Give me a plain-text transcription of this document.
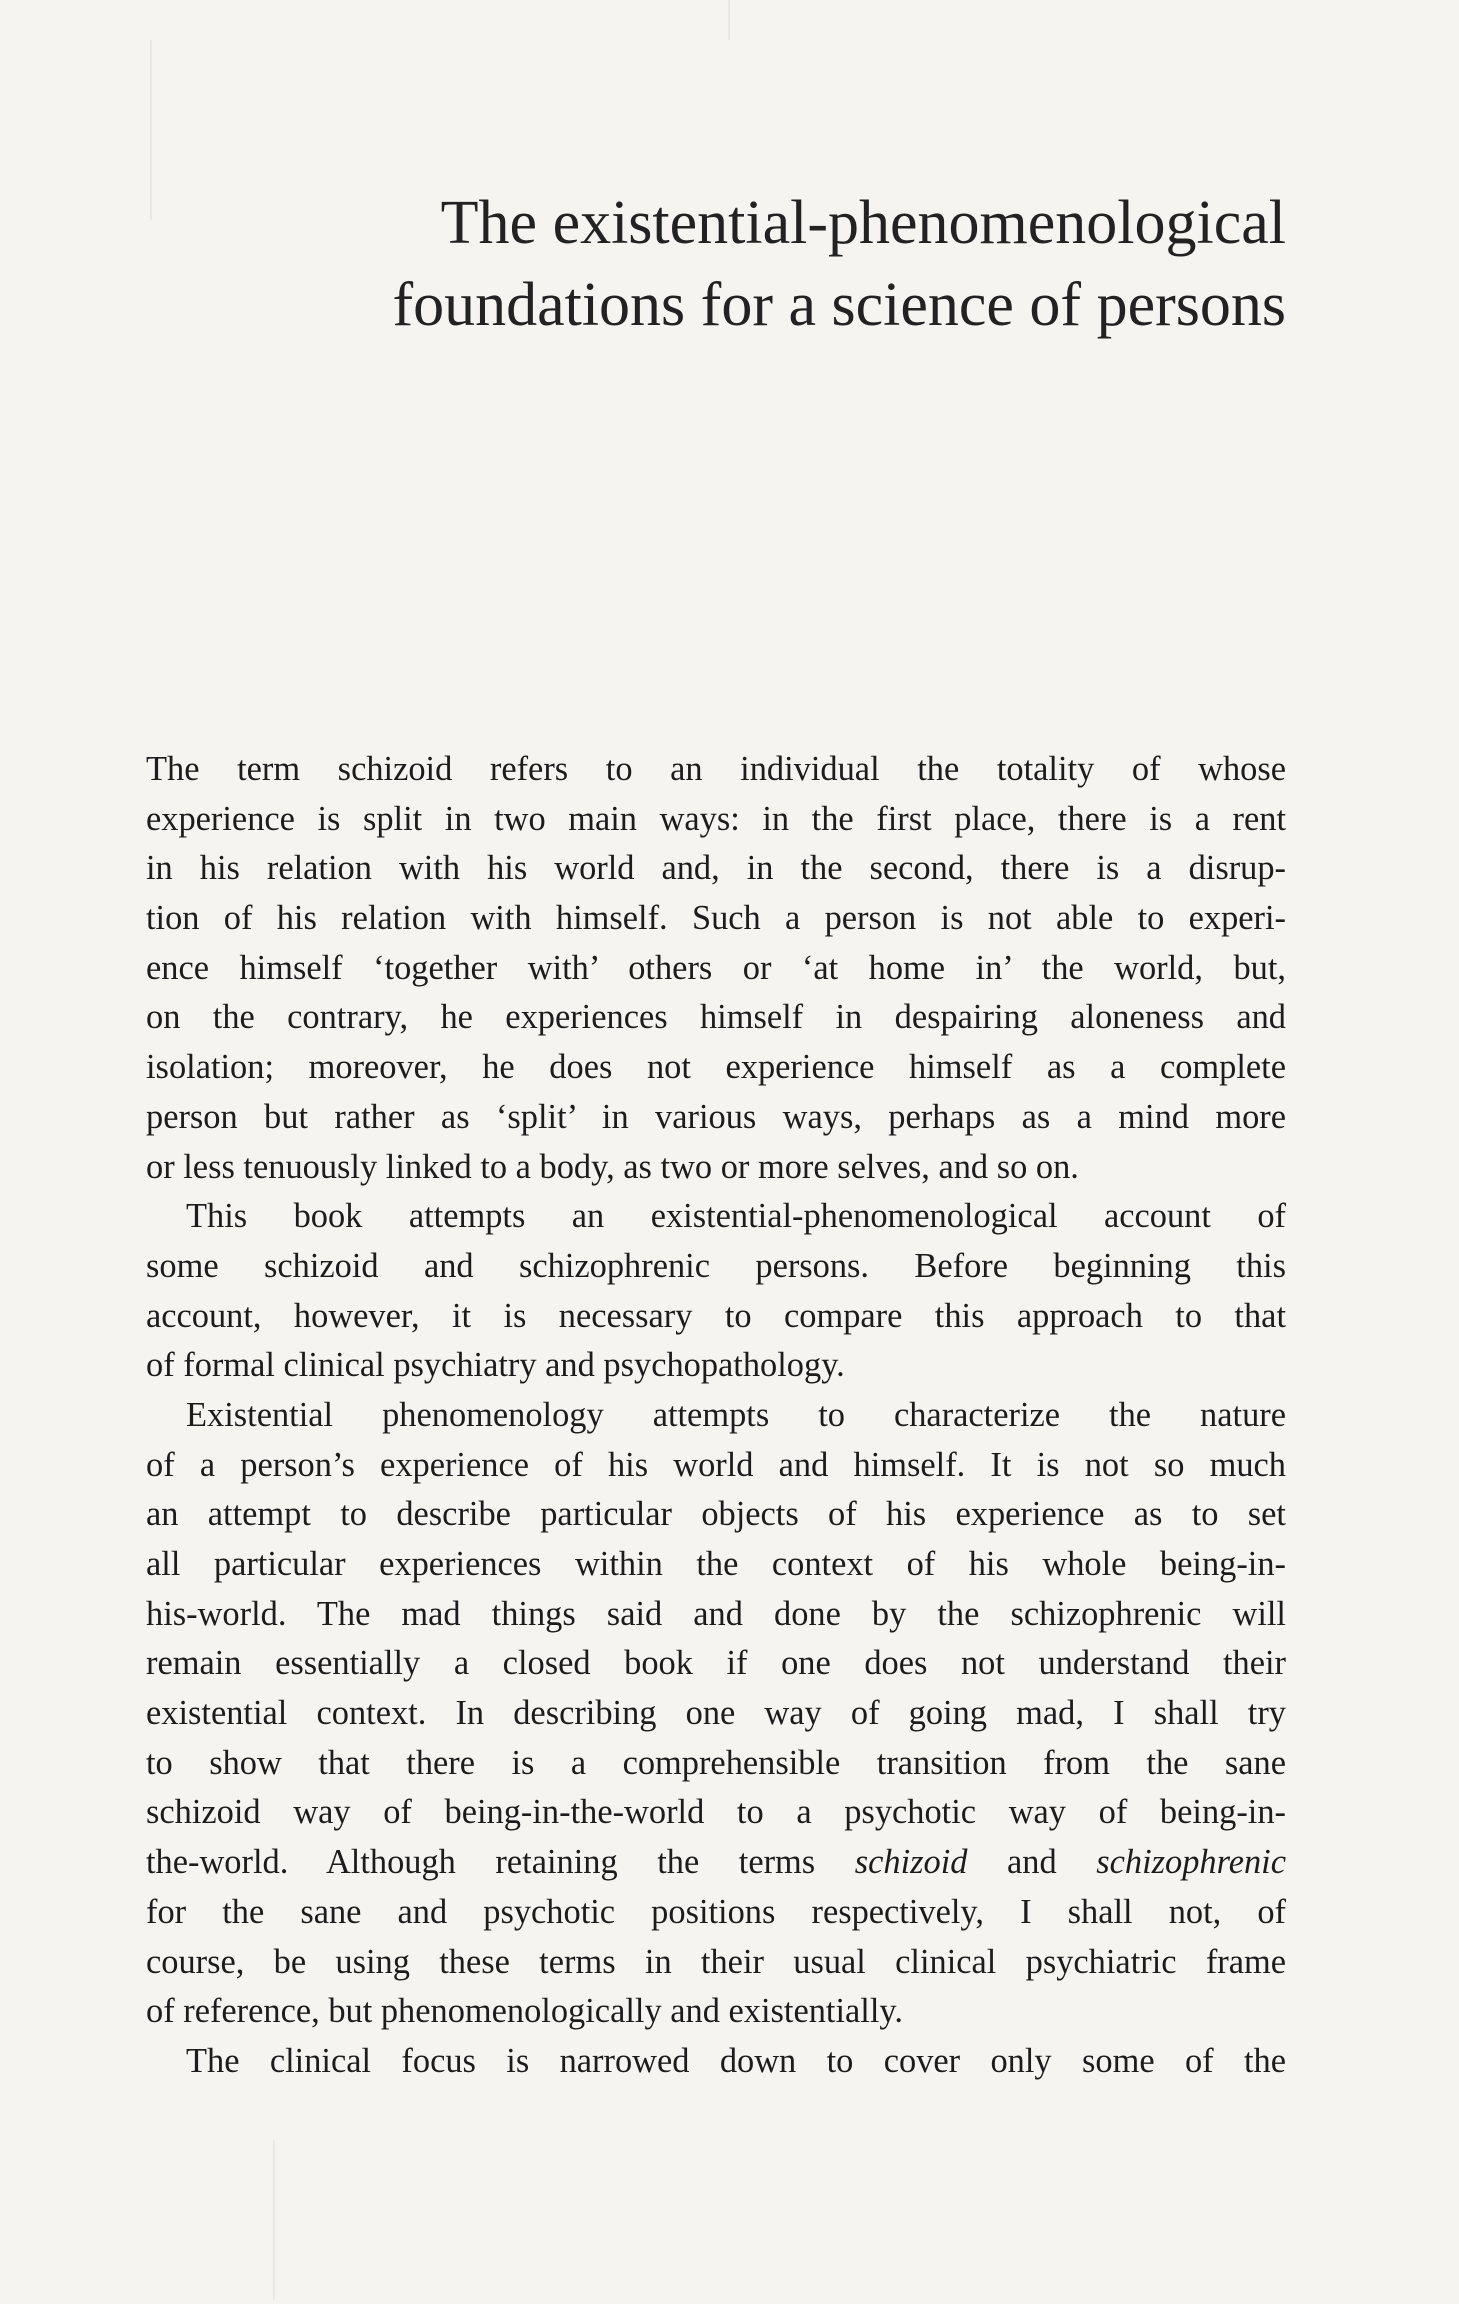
The existential-phenomenological
foundations for a science of persons
The term schizoid refers to an individual the totality of whose
experience is split in two main ways: in the first place, there is a rent
in his relation with his world and, in the second, there is a disrup-
tion of his relation with himself. Such a person is not able to experi-
ence himself ‘together with’ others or ‘at home in’ the world, but,
on the contrary, he experiences himself in despairing aloneness and
isolation; moreover, he does not experience himself as a complete
person but rather as ‘split’ in various ways, perhaps as a mind more
or less tenuously linked to a body, as two or more selves, and so on.
This book attempts an existential-phenomenological account of
some schizoid and schizophrenic persons. Before beginning this
account, however, it is necessary to compare this approach to that
of formal clinical psychiatry and psychopathology.
Existential phenomenology attempts to characterize the nature
of a person’s experience of his world and himself. It is not so much
an attempt to describe particular objects of his experience as to set
all particular experiences within the context of his whole being-in-
his-world. The mad things said and done by the schizophrenic will
remain essentially a closed book if one does not understand their
existential context. In describing one way of going mad, I shall try
to show that there is a comprehensible transition from the sane
schizoid way of being-in-the-world to a psychotic way of being-in-
the-world. Although retaining the terms schizoid and schizophrenic
for the sane and psychotic positions respectively, I shall not, of
course, be using these terms in their usual clinical psychiatric frame
of reference, but phenomenologically and existentially.
The clinical focus is narrowed down to cover only some of the
